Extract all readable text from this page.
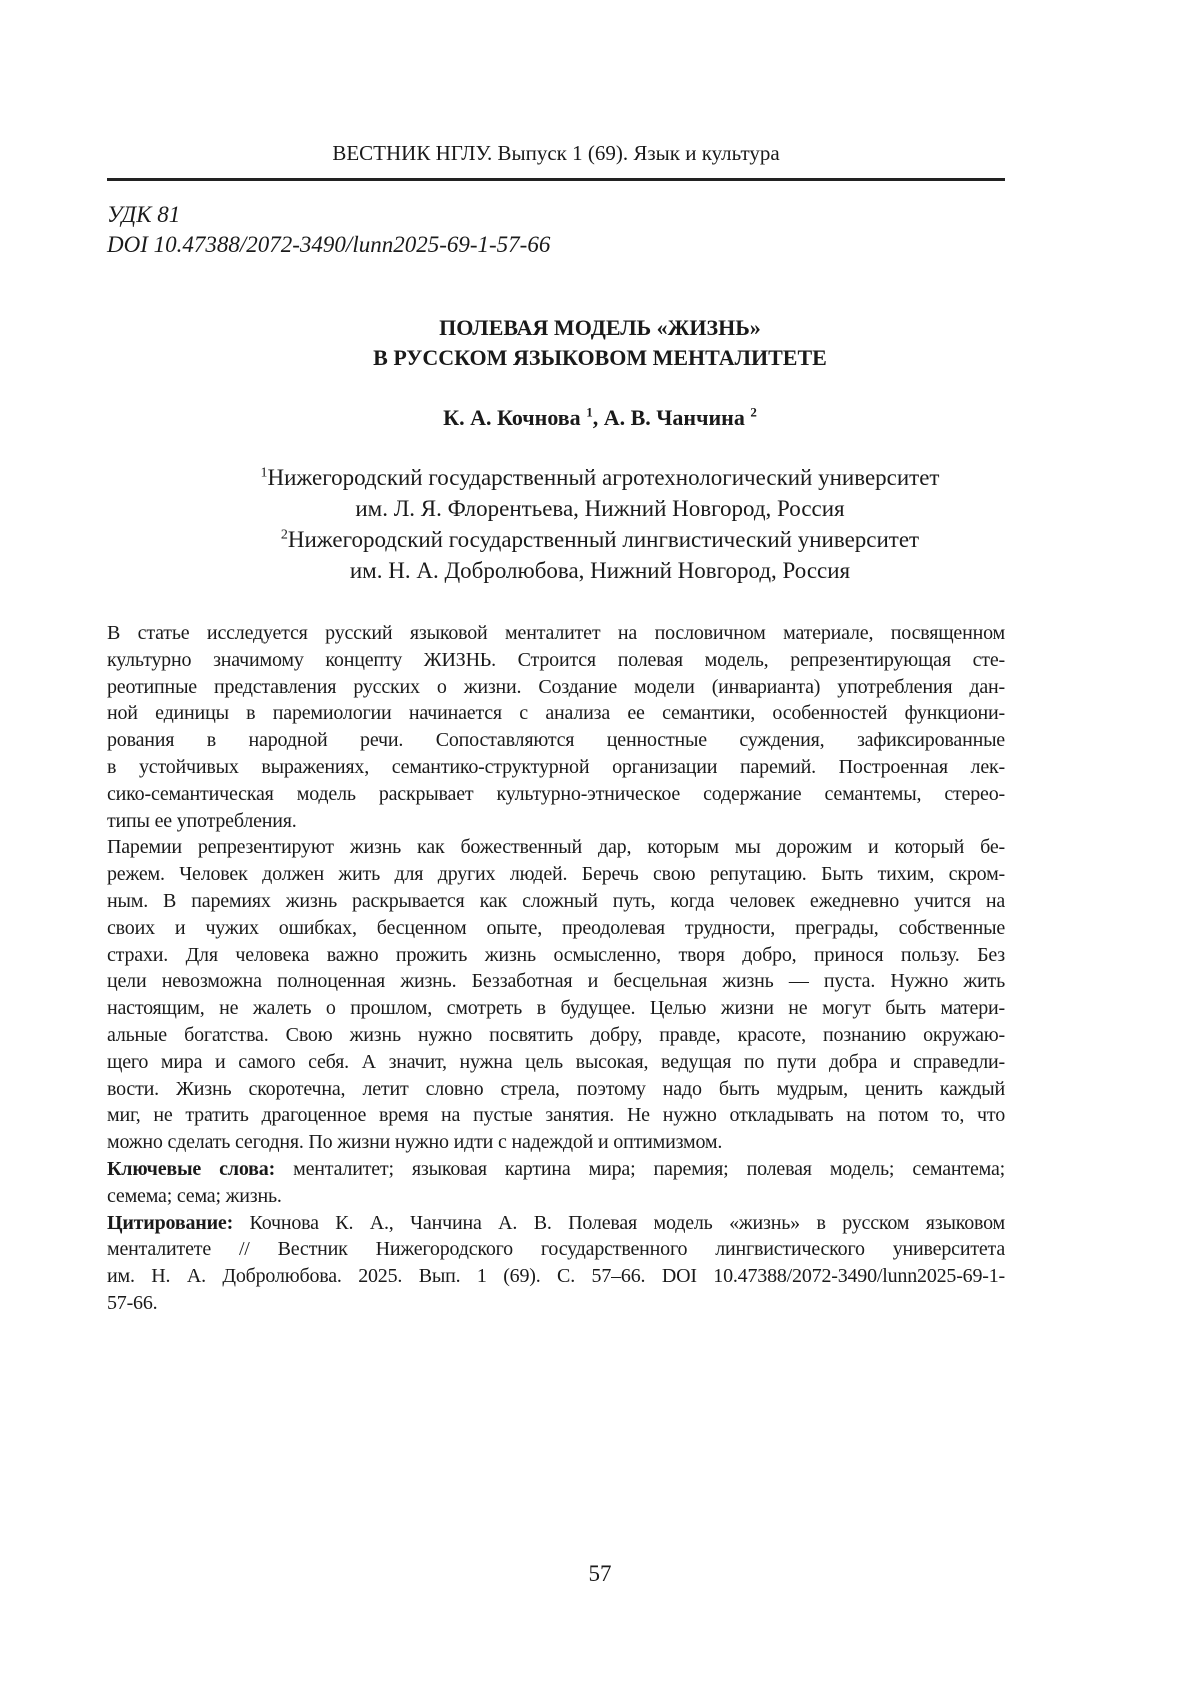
ВЕСТНИК НГЛУ. Выпуск 1 (69). Язык и культура
УДК 81
DOI 10.47388/2072-3490/lunn2025-69-1-57-66
ПОЛЕВАЯ МОДЕЛЬ «ЖИЗНЬ»
В РУССКОМ ЯЗЫКОВОМ МЕНТАЛИТЕТЕ
К. А. Кочнова 1, А. В. Чанчина 2
1Нижегородский государственный агротехнологический университет
им. Л. Я. Флорентьева, Нижний Новгород, Россия
2Нижегородский государственный лингвистический университет
им. Н. А. Добролюбова, Нижний Новгород, Россия
В статье исследуется русский языковой менталитет на пословичном материале, посвященном
культурно значимому концепту ЖИЗНЬ. Строится полевая модель, репрезентирующая сте-
реотипные представления русских о жизни. Создание модели (инварианта) употребления дан-
ной единицы в паремиологии начинается с анализа ее семантики, особенностей функциони-
рования в народной речи. Сопоставляются ценностные суждения, зафиксированные
в устойчивых выражениях, семантико-структурной организации паремий. Построенная лек-
сико-семантическая модель раскрывает культурно-этническое содержание семантемы, стерео-
типы ее употребления.
Паремии репрезентируют жизнь как божественный дар, которым мы дорожим и который бе-
режем. Человек должен жить для других людей. Беречь свою репутацию. Быть тихим, скром-
ным. В паремиях жизнь раскрывается как сложный путь, когда человек ежедневно учится на
своих и чужих ошибках, бесценном опыте, преодолевая трудности, преграды, собственные
страхи. Для человека важно прожить жизнь осмысленно, творя добро, принося пользу. Без
цели невозможна полноценная жизнь. Беззаботная и бесцельная жизнь — пуста. Нужно жить
настоящим, не жалеть о прошлом, смотреть в будущее. Целью жизни не могут быть матери-
альные богатства. Свою жизнь нужно посвятить добру, правде, красоте, познанию окружаю-
щего мира и самого себя. А значит, нужна цель высокая, ведущая по пути добра и справедли-
вости. Жизнь скоротечна, летит словно стрела, поэтому надо быть мудрым, ценить каждый
миг, не тратить драгоценное время на пустые занятия. Не нужно откладывать на потом то, что
можно сделать сегодня. По жизни нужно идти с надеждой и оптимизмом.
Ключевые слова: менталитет; языковая картина мира; паремия; полевая модель; семантема;
семема; сема; жизнь.
Цитирование: Кочнова К. А., Чанчина А. В. Полевая модель «жизнь» в русском языковом
менталитете // Вестник Нижегородского государственного лингвистического университета
им. Н. А. Добролюбова. 2025. Вып. 1 (69). С. 57–66. DOI 10.47388/2072-3490/lunn2025-69-1-
57-66.
57
